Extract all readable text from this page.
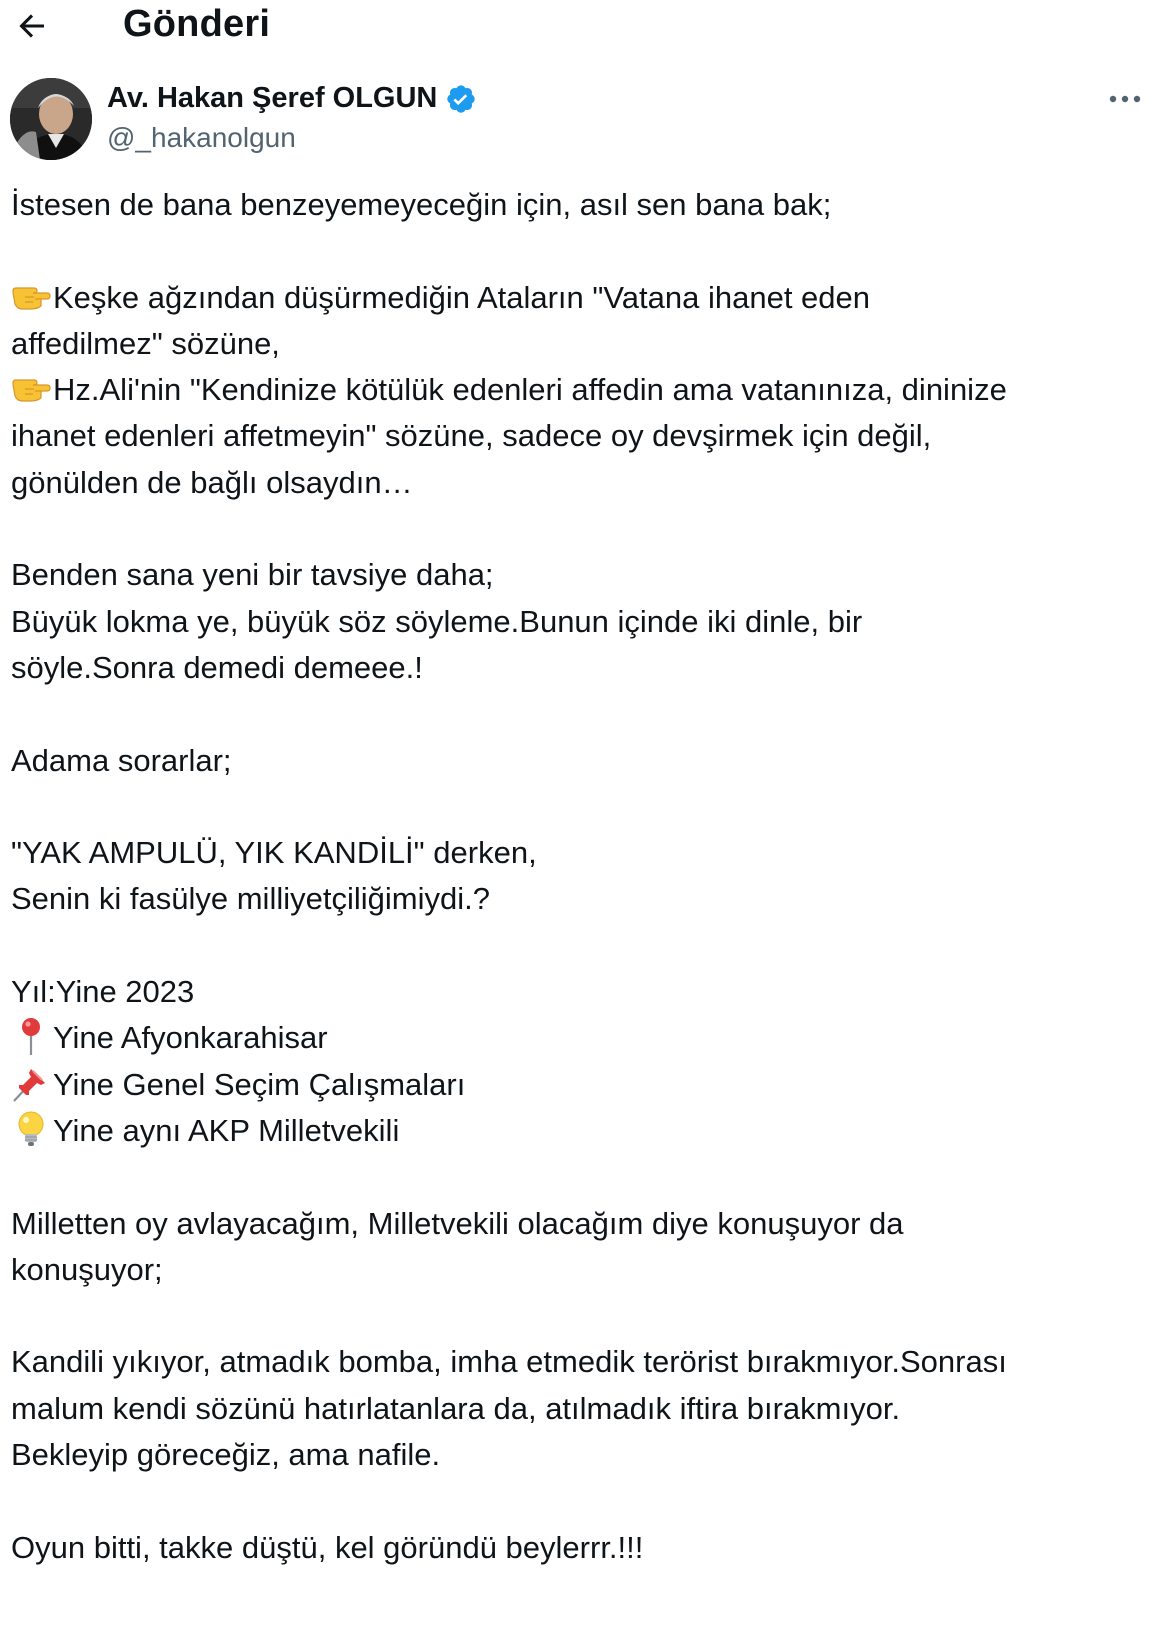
Gönderi
Av. Hakan Şeref OLGUN
@_hakanolgun

İstesen de bana benzeyemeyeceğin için, asıl sen bana bak;

Keşke ağzından düşürmediğin Ataların "Vatana ihanet eden

affedilmez" sözüne,

Hz.Ali'nin "Kendinize kötülük edenleri affedin ama vatanınıza, dininize

ihanet edenleri affetmeyin" sözüne, sadece oy devşirmek için değil,

gönülden de bağlı olsaydın…

Benden sana yeni bir tavsiye daha;

Büyük lokma ye, büyük söz söyleme.Bunun içinde iki dinle, bir

söyle.Sonra demedi demeee.!

Adama sorarlar;

"YAK AMPULÜ, YIK KANDİLİ" derken,

Senin ki fasülye milliyetçiliğimiydi.?

Yıl:Yine 2023

Yine Afyonkarahisar

Yine Genel Seçim Çalışmaları

Yine aynı AKP Milletvekili

Milletten oy avlayacağım, Milletvekili olacağım diye konuşuyor da

konuşuyor;

Kandili yıkıyor, atmadık bomba, imha etmedik terörist bırakmıyor.Sonrası

malum kendi sözünü hatırlatanlara da, atılmadık iftira bırakmıyor.

Bekleyip göreceğiz, ama nafile.

Oyun bitti, takke düştü, kel göründü beylerrr.!!!
